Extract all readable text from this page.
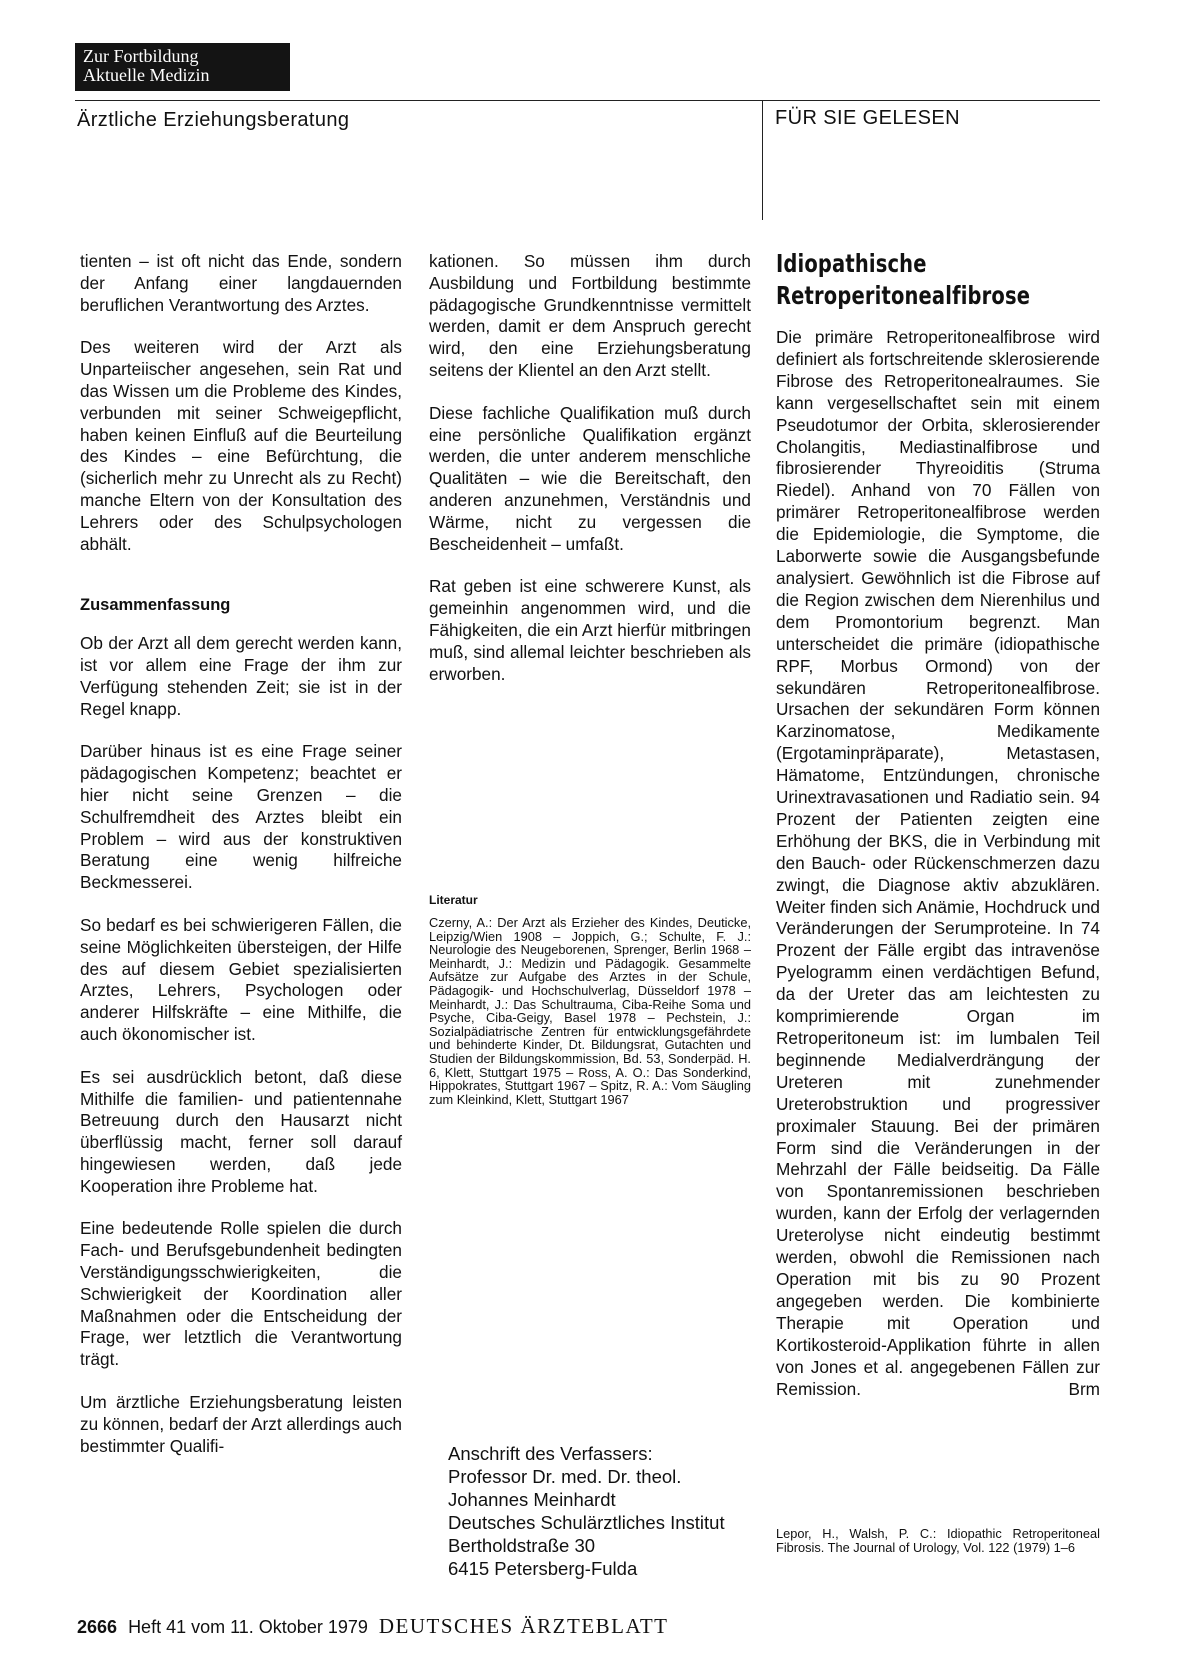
Zur Fortbildung
Aktuelle Medizin
Ärztliche Erziehungsberatung	FÜR SIE GELESEN

tienten – ist oft nicht das Ende, sondern der Anfang einer langdauernden beruflichen Verantwortung des Arztes.

Des weiteren wird der Arzt als Unparteiischer angesehen, sein Rat und das Wissen um die Probleme des Kindes, verbunden mit seiner Schweigepflicht, haben keinen Einfluß auf die Beurteilung des Kindes – eine Befürchtung, die (sicherlich mehr zu Unrecht als zu Recht) manche Eltern von der Konsultation des Lehrers oder des Schulpsychologen abhält.

Zusammenfassung

Ob der Arzt all dem gerecht werden kann, ist vor allem eine Frage der ihm zur Verfügung stehenden Zeit; sie ist in der Regel knapp.

Darüber hinaus ist es eine Frage seiner pädagogischen Kompetenz; beachtet er hier nicht seine Grenzen – die Schulfremdheit des Arztes bleibt ein Problem – wird aus der konstruktiven Beratung eine wenig hilfreiche Beckmesserei.

So bedarf es bei schwierigeren Fällen, die seine Möglichkeiten übersteigen, der Hilfe des auf diesem Gebiet spezialisierten Arztes, Lehrers, Psychologen oder anderer Hilfskräfte – eine Mithilfe, die auch ökonomischer ist.

Es sei ausdrücklich betont, daß diese Mithilfe die familien- und patientennahe Betreuung durch den Hausarzt nicht überflüssig macht, ferner soll darauf hingewiesen werden, daß jede Kooperation ihre Probleme hat.

Eine bedeutende Rolle spielen die durch Fach- und Berufsgebundenheit bedingten Verständigungsschwierigkeiten, die Schwierigkeit der Koordination aller Maßnahmen oder die Entscheidung der Frage, wer letztlich die Verantwortung trägt.

Um ärztliche Erziehungsberatung leisten zu können, bedarf der Arzt allerdings auch bestimmter Qualifi-

kationen. So müssen ihm durch Ausbildung und Fortbildung bestimmte pädagogische Grundkenntnisse vermittelt werden, damit er dem Anspruch gerecht wird, den eine Erziehungsberatung seitens der Klientel an den Arzt stellt.

Diese fachliche Qualifikation muß durch eine persönliche Qualifikation ergänzt werden, die unter anderem menschliche Qualitäten – wie die Bereitschaft, den anderen anzunehmen, Verständnis und Wärme, nicht zu vergessen die Bescheidenheit – umfaßt.

Rat geben ist eine schwerere Kunst, als gemeinhin angenommen wird, und die Fähigkeiten, die ein Arzt hierfür mitbringen muß, sind allemal leichter beschrieben als erworben.

Literatur
Czerny, A.: Der Arzt als Erzieher des Kindes, Deuticke, Leipzig/Wien 1908 – Joppich, G.; Schulte, F. J.: Neurologie des Neugeborenen, Sprenger, Berlin 1968 – Meinhardt, J.: Medizin und Pädagogik. Gesammelte Aufsätze zur Aufgabe des Arztes in der Schule, Pädagogik- und Hochschulverlag, Düsseldorf 1978 – Meinhardt, J.: Das Schultrauma, Ciba-Reihe Soma und Psyche, Ciba-Geigy, Basel 1978 – Pechstein, J.: Sozialpädiatrische Zentren für entwicklungsgefährdete und behinderte Kinder, Dt. Bildungsrat, Gutachten und Studien der Bildungskommission, Bd. 53, Sonderpäd. H. 6, Klett, Stuttgart 1975 – Ross, A. O.: Das Sonderkind, Hippokrates, Stuttgart 1967 – Spitz, R. A.: Vom Säugling zum Kleinkind, Klett, Stuttgart 1967
Anschrift des Verfassers:
Professor Dr. med. Dr. theol.
Johannes Meinhardt
Deutsches Schulärztliches Institut
Bertholdstraße 30
6415 Petersberg-Fulda
Idiopathische
Retroperitonealfibrose
Die primäre Retroperitonealfibrose wird definiert als fortschreitende sklerosierende Fibrose des Retroperitonealraumes. Sie kann vergesellschaftet sein mit einem Pseudotumor der Orbita, sklerosierender Cholangitis, Mediastinalfibrose und fibrosierender Thyreoiditis (Struma Riedel). Anhand von 70 Fällen von primärer Retroperitonealfibrose werden die Epidemiologie, die Symptome, die Laborwerte sowie die Ausgangsbefunde analysiert. Gewöhnlich ist die Fibrose auf die Region zwischen dem Nierenhilus und dem Promontorium begrenzt. Man unterscheidet die primäre (idiopathische RPF, Morbus Ormond) von der sekundären Retroperitonealfibrose. Ursachen der sekundären Form können Karzinomatose, Medikamente (Ergotaminpräparate), Metastasen, Hämatome, Entzündungen, chronische Urinextravasationen und Radiatio sein. 94 Prozent der Patienten zeigten eine Erhöhung der BKS, die in Verbindung mit den Bauch- oder Rückenschmerzen dazu zwingt, die Diagnose aktiv abzuklären. Weiter finden sich Anämie, Hochdruck und Veränderungen der Serumproteine. In 74 Prozent der Fälle ergibt das intravenöse Pyelogramm einen verdächtigen Befund, da der Ureter das am leichtesten zu komprimierende Organ im Retroperitoneum ist: im lumbalen Teil beginnende Medialverdrängung der Ureteren mit zunehmender Ureterobstruktion und progressiver proximaler Stauung. Bei der primären Form sind die Veränderungen in der Mehrzahl der Fälle beidseitig. Da Fälle von Spontanremissionen beschrieben wurden, kann der Erfolg der verlagernden Ureterolyse nicht eindeutig bestimmt werden, obwohl die Remissionen nach Operation mit bis zu 90 Prozent angegeben werden. Die kombinierte Therapie mit Operation und Kortikosteroid-Applikation führte in allen von Jones et al. angegebenen Fällen zur Remission.	Brm
Lepor, H., Walsh, P. C.: Idiopathic Retroperitoneal Fibrosis. The Journal of Urology, Vol. 122 (1979) 1–6
2666 Heft 41 vom 11. Oktober 1979 DEUTSCHES ÄRZTEBLATT
